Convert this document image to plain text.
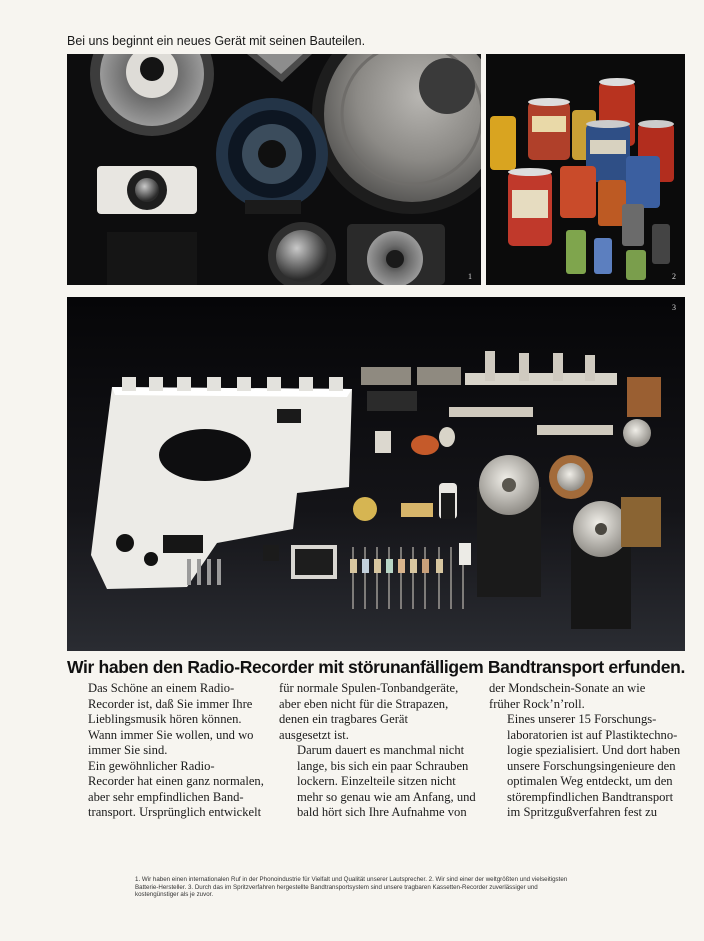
Bei uns beginnt ein neues Gerät mit seinen Bauteilen.
1	2
3
Wir haben den Radio-Recorder mit störunanfälligem Bandtransport erfunden.

Das Schöne an einem Radio-
Recorder ist, daß Sie immer Ihre
Lieblingsmusik hören können.
Wann immer Sie wollen, und wo
immer Sie sind.

Ein gewöhnlicher Radio-
Recorder hat einen ganz normalen,
aber sehr empfindlichen Band-
transport. Ursprünglich entwickelt

für normale Spulen-Tonbandgeräte,
aber eben nicht für die Strapazen,
denen ein tragbares Gerät
ausgesetzt ist.

Darum dauert es manchmal nicht
lange, bis sich ein paar Schrauben
lockern. Einzelteile sitzen nicht
mehr so genau wie am Anfang, und
bald hört sich Ihre Aufnahme von

der Mondschein-Sonate an wie
früher Rock’n’roll.

Eines unserer 15 Forschungs-
laboratorien ist auf Plastiktechno-
logie spezialisiert. Und dort haben
unsere Forschungsingenieure den
optimalen Weg entdeckt, um den
störempfindlichen Bandtransport
im Spritzgußverfahren fest zu

1. Wir haben einen internationalen Ruf in der Phonoindustrie für Vielfalt und Qualität unserer Lautsprecher. 2. Wir sind einer der weltgrößten und vielseitigsten
Batterie-Hersteller. 3. Durch das im Spritzverfahren hergestellte Bandtransportsystem sind unsere tragbaren Kassetten-Recorder zuverlässiger und
kostengünstiger als je zuvor.
